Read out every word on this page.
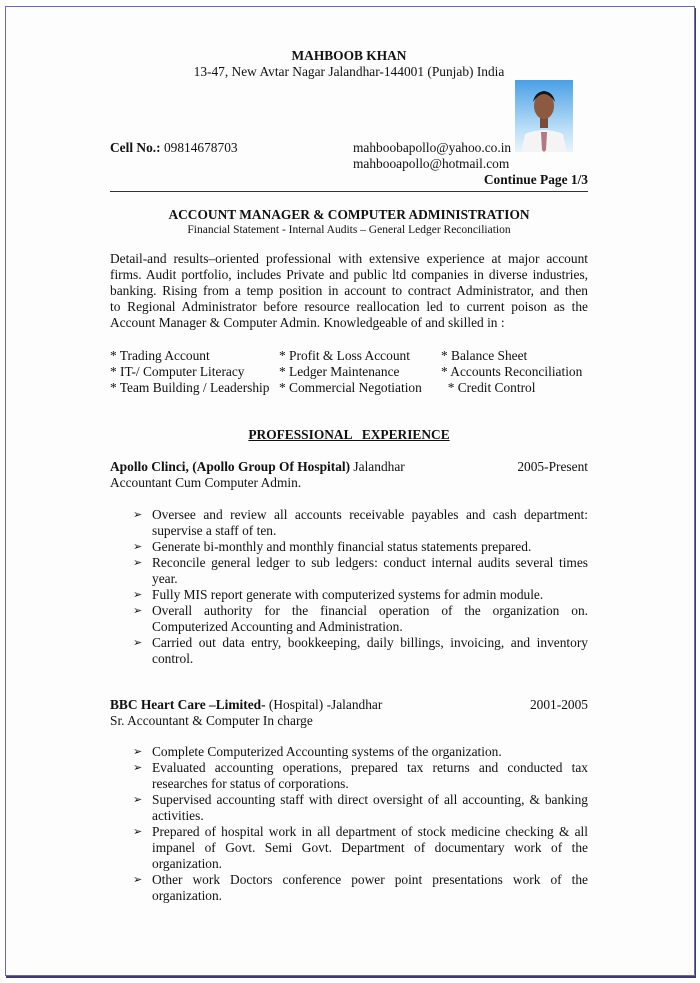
MAHBOOB KHAN
13-47, New Avtar Nagar Jalandhar-144001 (Punjab) India
Cell No.: 09814678703	mahboobapollo@yahoo.co.in
mahbooapollo@hotmail.com
Continue Page 1/3
ACCOUNT MANAGER & COMPUTER ADMINISTRATION
Financial Statement - Internal Audits – General Ledger Reconciliation
Detail-and results–oriented professional with extensive experience at major account
firms. Audit portfolio, includes Private and public ltd companies in diverse industries,
banking. Rising from a temp position in account to contract Administrator, and then
to Regional Administrator before resource reallocation led to current poison as the
Account Manager & Computer Admin. Knowledgeable of and skilled in :
* Trading Account	* Profit & Loss Account	* Balance Sheet
* IT-/ Computer Literacy	* Ledger Maintenance	* Accounts Reconciliation
* Team Building / Leadership * Commercial Negotiation	* Credit Control
PROFESSIONAL   EXPERIENCE
Apollo Clinci, (Apollo Group Of Hospital) Jalandhar	2005-Present
Accountant Cum Computer Admin.
➢ Oversee and review all accounts receivable payables and cash department: supervise a staff of ten.
➢ Generate bi-monthly and monthly financial status statements prepared.
➢ Reconcile general ledger to sub ledgers: conduct internal audits several times year.
➢ Fully MIS report generate with computerized systems for admin module.
➢ Overall authority for the financial operation of the organization on. Computerized Accounting and Administration.
➢ Carried out data entry, bookkeeping, daily billings, invoicing, and inventory control.
BBC Heart Care –Limited- (Hospital) -Jalandhar	2001-2005
Sr. Accountant & Computer In charge
➢ Complete Computerized Accounting systems of the organization.
➢ Evaluated accounting operations, prepared tax returns and conducted tax researches for status of corporations.
➢ Supervised accounting staff with direct oversight of all accounting, & banking activities.
➢ Prepared of hospital work in all department of stock medicine checking & all impanel of Govt. Semi Govt. Department of documentary work of the organization.
➢ Other work Doctors conference power point presentations work of the organization.
